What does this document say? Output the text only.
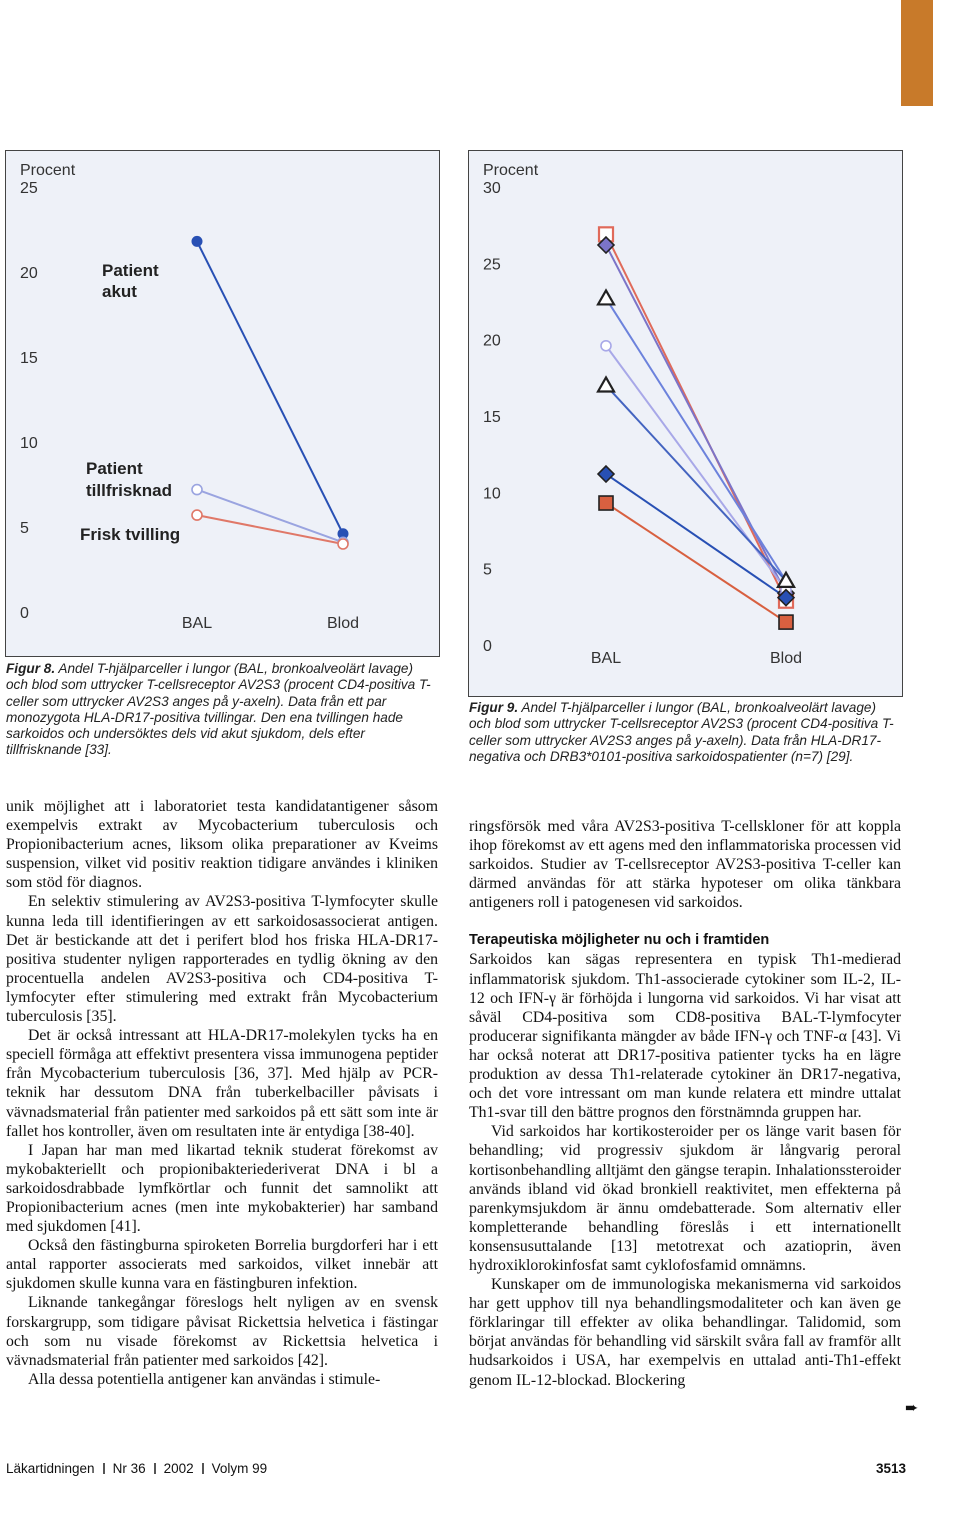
Procent
0
5
10
15
20
25
BAL	Blod
Patient
akut
Patient
tillfrisknad
Frisk tvilling

Figur 8. Andel T-hjälparceller i lungor (BAL, bronkoalveolärt lavage) och blod som uttrycker T-cellsreceptor AV2S3 (procent CD4-positiva T-celler som uttrycker AV2S3 anges på y-axeln). Data från ett par monozygota HLA-DR17-positiva tvillingar. Den ena tvillingen hade sarkoidos och undersöktes dels vid akut sjukdom, dels efter tillfrisknande [33].

Procent
0
5
10
15
20
25
30
BAL	Blod

Figur 9. Andel T-hjälparceller i lungor (BAL, bronkoalveolärt lavage) och blod som uttrycker T-cellsreceptor AV2S3 (procent CD4-positiva T-celler som uttrycker AV2S3 anges på y-axeln). Data från HLA-DR17-negativa och DRB3*0101-positiva sarkoidospatienter (n=7) [29].

unik möjlighet att i laboratoriet testa kandidatantigener såsom exempelvis extrakt av Mycobacterium tuberculosis och Propionibacterium acnes, liksom olika preparationer av Kveims suspension, vilket vid positiv reaktion tidigare användes i kliniken som stöd för diagnos.

En selektiv stimulering av AV2S3-positiva T-lymfocyter skulle kunna leda till identifieringen av ett sarkoidosassocierat antigen. Det är bestickande att det i perifert blod hos friska HLA-DR17-positiva studenter nyligen rapporterades en tydlig ökning av den procentuella andelen AV2S3-positiva och CD4-positiva T-lymfocyter efter stimulering med extrakt från Mycobacterium tuberculosis [35].

Det är också intressant att HLA-DR17-molekylen tycks ha en speciell förmåga att effektivt presentera vissa immunogena peptider från Mycobacterium tuberculosis [36, 37]. Med hjälp av PCR-teknik har dessutom DNA från tuberkelbaciller påvisats i vävnadsmaterial från patienter med sarkoidos på ett sätt som inte är fallet hos kontroller, även om resultaten inte är entydiga [38-40].

I Japan har man med likartad teknik studerat förekomst av mykobakteriellt och propionibakteriederiverat DNA i bl a sarkoidosdrabbade lymfkörtlar och funnit det samnolikt att Propionibacterium acnes (men inte mykobakterier) har samband med sjukdomen [41].

Också den fästingburna spiroketen Borrelia burgdorferi har i ett antal rapporter associerats med sarkoidos, vilket innebär att sjukdomen skulle kunna vara en fästingburen infektion.

Liknande tankegångar föreslogs helt nyligen av en svensk forskargrupp, som tidigare påvisat Rickettsia helvetica i fästingar och som nu visade förekomst av Rickettsia helvetica i vävnadsmaterial från patienter med sarkoidos [42].

Alla dessa potentiella antigener kan användas i stimule-

ringsförsök med våra AV2S3-positiva T-cellskloner för att koppla ihop förekomst av ett agens med den inflammatoriska processen vid sarkoidos. Studier av T-cellsreceptor AV2S3-positiva T-celler kan därmed användas för att stärka hypoteser om olika tänkbara antigeners roll i patogenesen vid sarkoidos.

Terapeutiska möjligheter nu och i framtiden

Sarkoidos kan sägas representera en typisk Th1-medierad inflammatorisk sjukdom. Th1-associerade cytokiner som IL-2, IL-12 och IFN-γ är förhöjda i lungorna vid sarkoidos. Vi har visat att såväl CD4-positiva som CD8-positiva BAL-T-lymfocyter producerar signifikanta mängder av både IFN-γ och TNF-α [43]. Vi har också noterat att DR17-positiva patienter tycks ha en lägre produktion av dessa Th1-relaterade cytokiner än DR17-negativa, och det vore intressant om man kunde relatera ett mindre uttalat Th1-svar till den bättre prognos den förstnämnda gruppen har.

Vid sarkoidos har kortikosteroider per os länge varit basen för behandling; vid progressiv sjukdom är långvarig peroral kortisonbehandling alltjämt den gängse terapin. Inhalationssteroider används ibland vid ökad bronkiell reaktivitet, men effekterna på parenkymsjukdom är ännu omdebatterade. Som alternativ eller kompletterande behandling föreslås i ett internationellt konsensusuttalande [13] metotrexat och azatioprin, även hydroxiklorokinfosfat samt cyklofosfamid omnämns.

Kunskaper om de immunologiska mekanismerna vid sarkoidos har gett upphov till nya behandlingsmodaliteter och kan även ge förklaringar till effekter av olika behandlingar. Talidomid, som börjat användas för behandling vid särskilt svåra fall av framför allt hudsarkoidos i USA, har exempelvis en uttalad anti-Th1-effekt genom IL-12-blockad. Blockering

➨
Läkartidningen Nr 36 2002 Volym 99	3513
